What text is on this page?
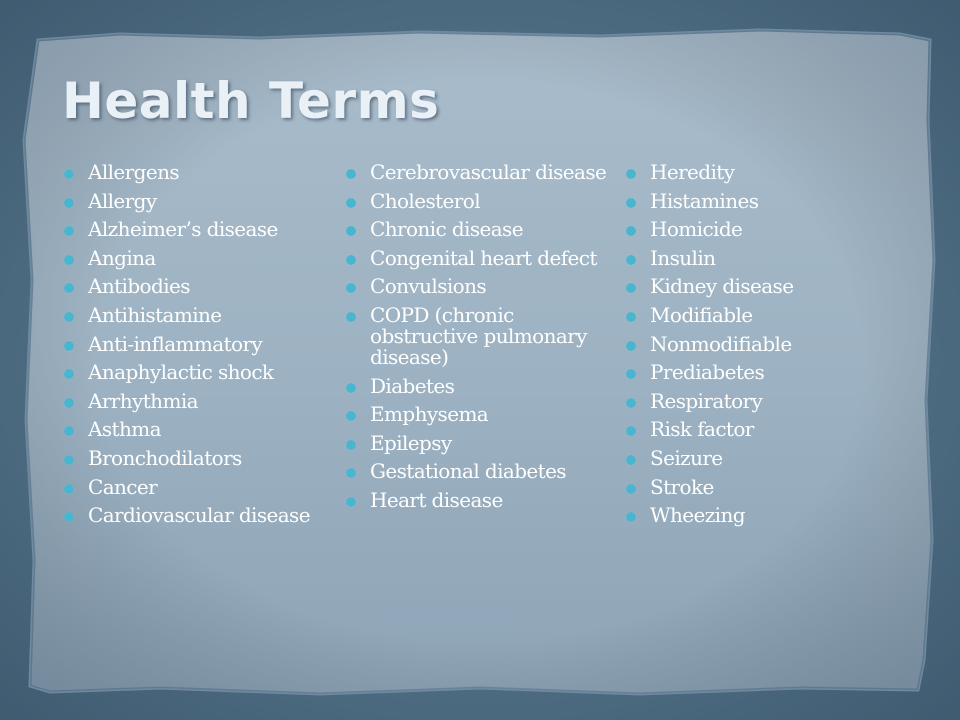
Health Terms
Allergens
Allergy
Alzheimer’s disease
Angina
Antibodies
Antihistamine
Anti-inflammatory
Anaphylactic shock
Arrhythmia
Asthma
Bronchodilators
Cancer
Cardiovascular disease
Cerebrovascular disease
Cholesterol
Chronic disease
Congenital heart defect
Convulsions
COPD (chronic obstructive pulmonary disease)
Diabetes
Emphysema
Epilepsy
Gestational diabetes
Heart disease
Heredity
Histamines
Homicide
Insulin
Kidney disease
Modifiable
Nonmodifiable
Prediabetes
Respiratory
Risk factor
Seizure
Stroke
Wheezing
